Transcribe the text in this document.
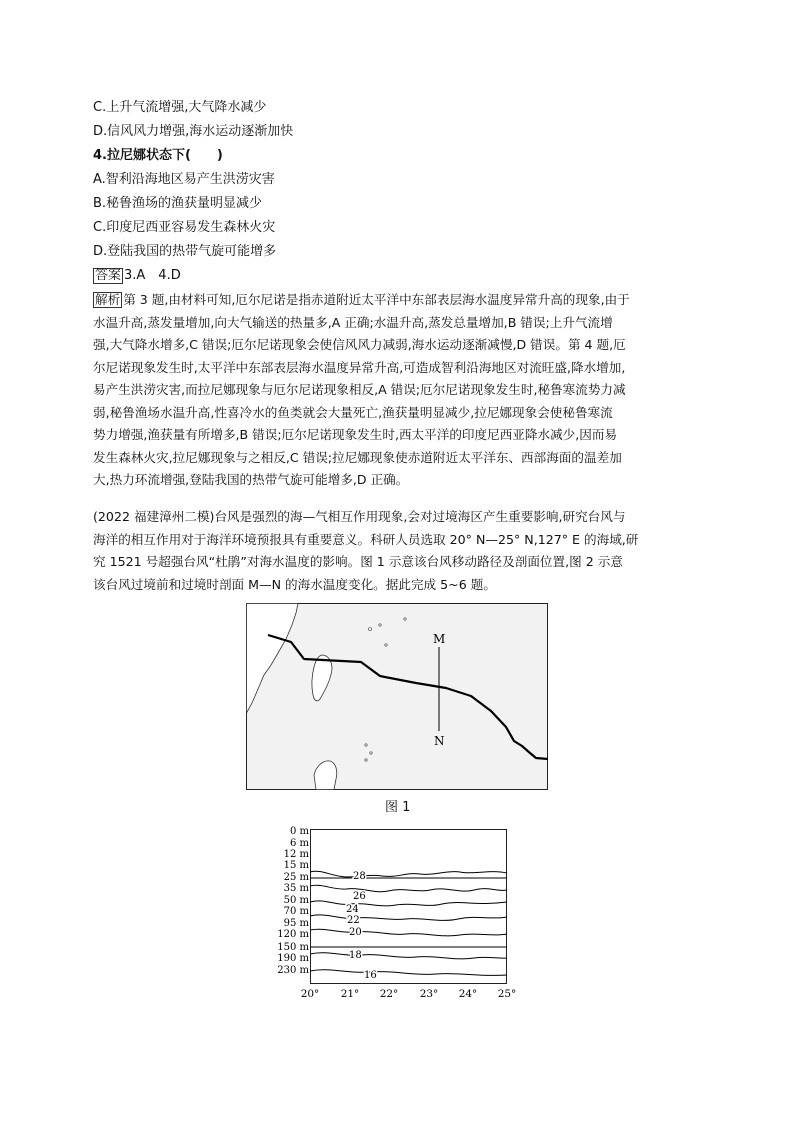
C.上升气流增强,大气降水减少
D.信风风力增强,海水运动逐渐加快
4.拉尼娜状态下(　　)
A.智利沿海地区易产生洪涝灾害
B.秘鲁渔场的渔获量明显减少
C.印度尼西亚容易发生森林火灾
D.登陆我国的热带气旋可能增多
答案 3.A　4.D
解析 第 3 题,由材料可知,厄尔尼诺是指赤道附近太平洋中东部表层海水温度异常升高的现象,由于
水温升高,蒸发量增加,向大气输送的热量多,A 正确;水温升高,蒸发总量增加,B 错误;上升气流增
强,大气降水增多,C 错误;厄尔尼诺现象会使信风风力减弱,海水运动逐渐减慢,D 错误。第 4 题,厄
尔尼诺现象发生时,太平洋中东部表层海水温度异常升高,可造成智利沿海地区对流旺盛,降水增加,
易产生洪涝灾害,而拉尼娜现象与厄尔尼诺现象相反,A 错误;厄尔尼诺现象发生时,秘鲁寒流势力减
弱,秘鲁渔场水温升高,性喜冷水的鱼类就会大量死亡,渔获量明显减少,拉尼娜现象会使秘鲁寒流
势力增强,渔获量有所增多,B 错误;厄尔尼诺现象发生时,西太平洋的印度尼西亚降水减少,因而易
发生森林火灾,拉尼娜现象与之相反,C 错误;拉尼娜现象使赤道附近太平洋东、西部海面的温差加
大,热力环流增强,登陆我国的热带气旋可能增多,D 正确。
(2022 福建漳州二模)台风是强烈的海—气相互作用现象,会对过境海区产生重要影响,研究台风与
海洋的相互作用对于海洋环境预报具有重要意义。科研人员选取 20° N—25° N,127° E 的海域,研
究 1521 号超强台风“杜鹃”对海水温度的影响。图 1 示意该台风移动路径及剖面位置,图 2 示意
该台风过境前和过境时剖面 M—N 的海水温度变化。据此完成 5~6 题。
M
N
图 1
0 m
6 m
12 m
15 m
25 m
35 m
50 m
70 m
95 m
120 m
150 m
190 m
230 m
28
26
24
22
20
18
16
20° 21° 22° 23° 24° 25°
